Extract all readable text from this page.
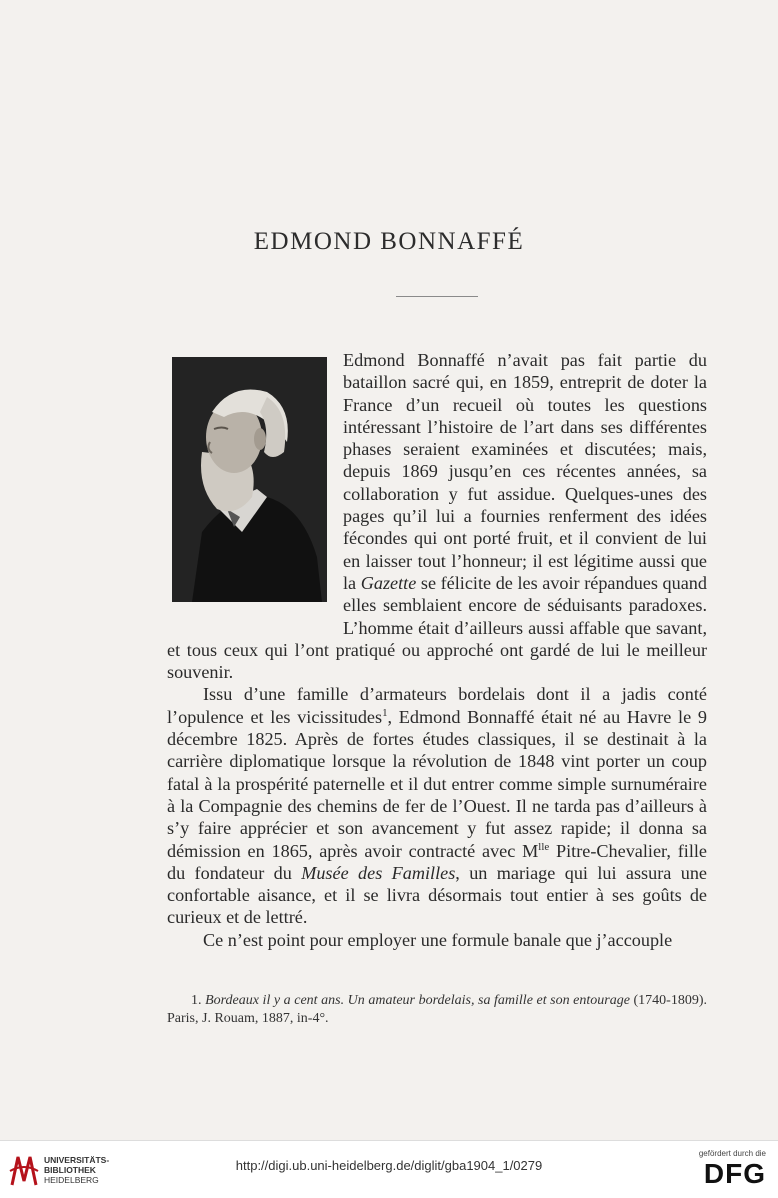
EDMOND BONNAFFÉ

Edmond Bonnaffé n’avait pas fait partie du bataillon sacré qui, en 1859, entreprit de doter la France d’un recueil où toutes les questions intéressant l’histoire de l’art dans ses différentes phases seraient examinées et discutées; mais, depuis 1869 jusqu’en ces récentes années, sa collaboration y fut assidue. Quelques-unes des pages qu’il lui a fournies renferment des idées fécondes qui ont porté fruit, et il convient de lui en laisser tout l’honneur; il est légitime aussi que la Gazette se félicite de les avoir répandues quand elles semblaient encore de séduisants paradoxes. L’homme était d’ailleurs aussi affable que savant, et tous ceux qui l’ont pratiqué ou approché ont gardé de lui le meilleur souvenir.

Issu d’une famille d’armateurs bordelais dont il a jadis conté l’opulence et les vicissitudes$^1$, Edmond Bonnaffé était né au Havre le 9 décembre 1825. Après de fortes études classiques, il se destinait à la carrière diplomatique lorsque la révolution de 1848 vint porter un coup fatal à la prospérité paternelle et il dut entrer comme simple surnuméraire à la Compagnie des chemins de fer de l’Ouest. Il ne tarda pas d’ailleurs à s’y faire apprécier et son avancement y fut assez rapide; il donna sa démission en 1865, après avoir contracté avec $M^{lle}$ Pitre-Chevalier, fille du fondateur du Musée des Familles, un mariage qui lui assura une confortable aisance, et il se livra désormais tout entier à ses goûts de curieux et de lettré.

Ce n’est point pour employer une formule banale que j’accouple

1. Bordeaux il y a cent ans. Un amateur bordelais, sa famille et son entourage (1740-1809). Paris, J. Rouam, 1887, in-4°.
UNIVERSITÄTS-
BIBLIOTHEK
HEIDELBERG
http://digi.ub.uni-heidelberg.de/diglit/gba1904_1/0279
gefördert durch die
DFG
